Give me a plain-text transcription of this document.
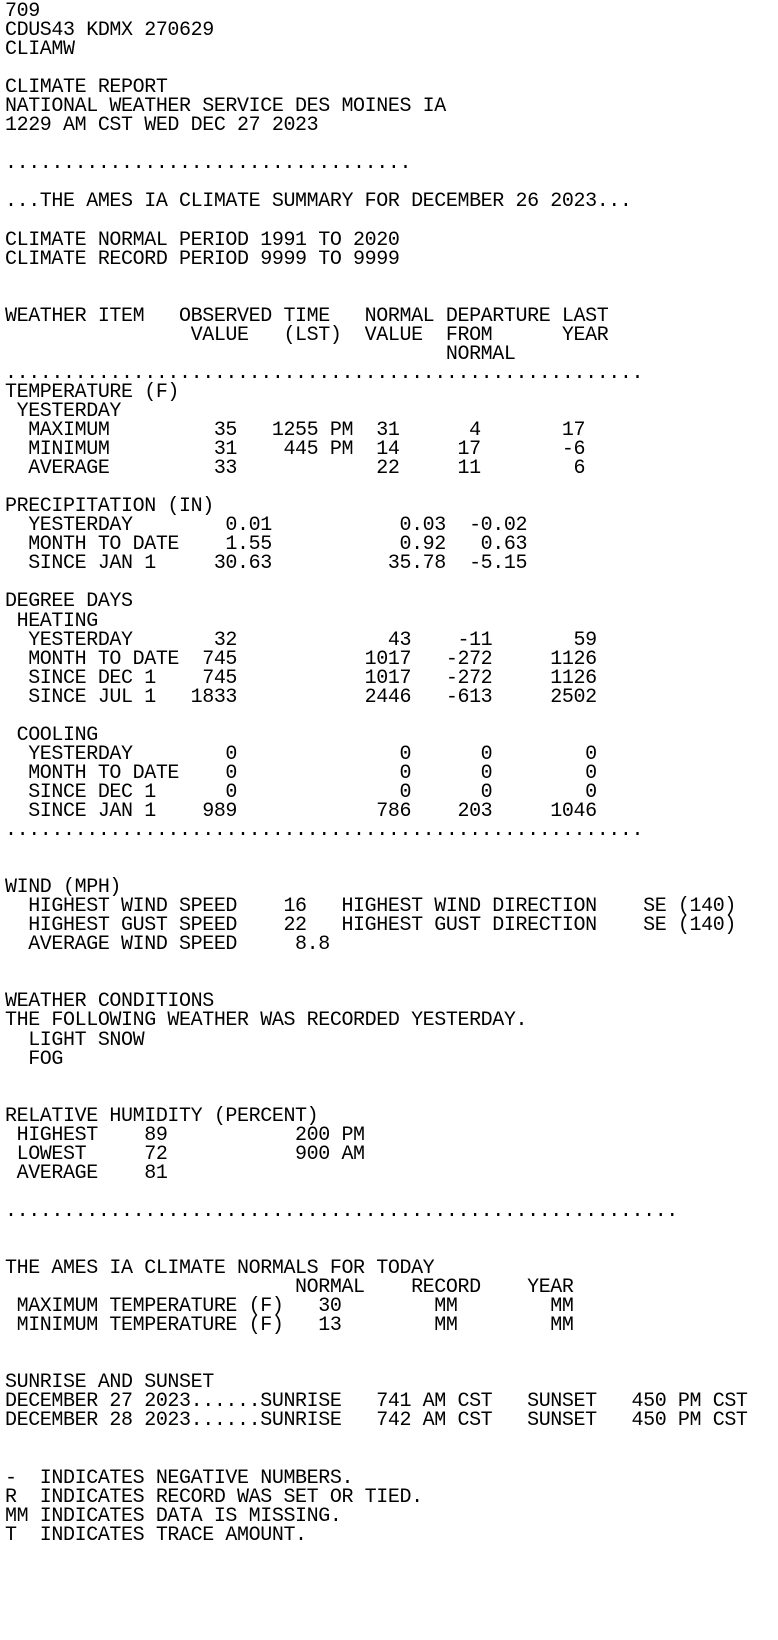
709
CDUS43 KDMX 270629
CLIAMW
CLIMATE REPORT
NATIONAL WEATHER SERVICE DES MOINES IA
1229 AM CST WED DEC 27 2023
...................................
...THE AMES IA CLIMATE SUMMARY FOR DECEMBER 26 2023...
CLIMATE NORMAL PERIOD 1991 TO 2020
CLIMATE RECORD PERIOD 9999 TO 9999
WEATHER ITEM   OBSERVED TIME   NORMAL DEPARTURE LAST
VALUE   (LST)  VALUE  FROM      YEAR
NORMAL
.......................................................
TEMPERATURE (F)
YESTERDAY
MAXIMUM         35   1255 PM  31      4       17
MINIMUM         31    445 PM  14     17       -6
AVERAGE         33            22     11        6
PRECIPITATION (IN)
YESTERDAY        0.01           0.03  -0.02
MONTH TO DATE    1.55           0.92   0.63
SINCE JAN 1     30.63          35.78  -5.15
DEGREE DAYS
HEATING
YESTERDAY       32             43    -11       59
MONTH TO DATE  745           1017   -272     1126
SINCE DEC 1    745           1017   -272     1126
SINCE JUL 1   1833           2446   -613     2502
COOLING
YESTERDAY        0              0      0        0
MONTH TO DATE    0              0      0        0
SINCE DEC 1      0              0      0        0
SINCE JAN 1    989            786    203     1046
.......................................................
WIND (MPH)
HIGHEST WIND SPEED    16   HIGHEST WIND DIRECTION    SE (140)
HIGHEST GUST SPEED    22   HIGHEST GUST DIRECTION    SE (140)
AVERAGE WIND SPEED     8.8
WEATHER CONDITIONS
THE FOLLOWING WEATHER WAS RECORDED YESTERDAY.
LIGHT SNOW
FOG
RELATIVE HUMIDITY (PERCENT)
HIGHEST    89           200 PM
LOWEST     72           900 AM
AVERAGE    81
..........................................................
THE AMES IA CLIMATE NORMALS FOR TODAY
NORMAL    RECORD    YEAR
MAXIMUM TEMPERATURE (F)   30        MM        MM
MINIMUM TEMPERATURE (F)   13        MM        MM
SUNRISE AND SUNSET
DECEMBER 27 2023......SUNRISE   741 AM CST   SUNSET   450 PM CST
DECEMBER 28 2023......SUNRISE   742 AM CST   SUNSET   450 PM CST
-  INDICATES NEGATIVE NUMBERS.
R  INDICATES RECORD WAS SET OR TIED.
MM INDICATES DATA IS MISSING.
T  INDICATES TRACE AMOUNT.
